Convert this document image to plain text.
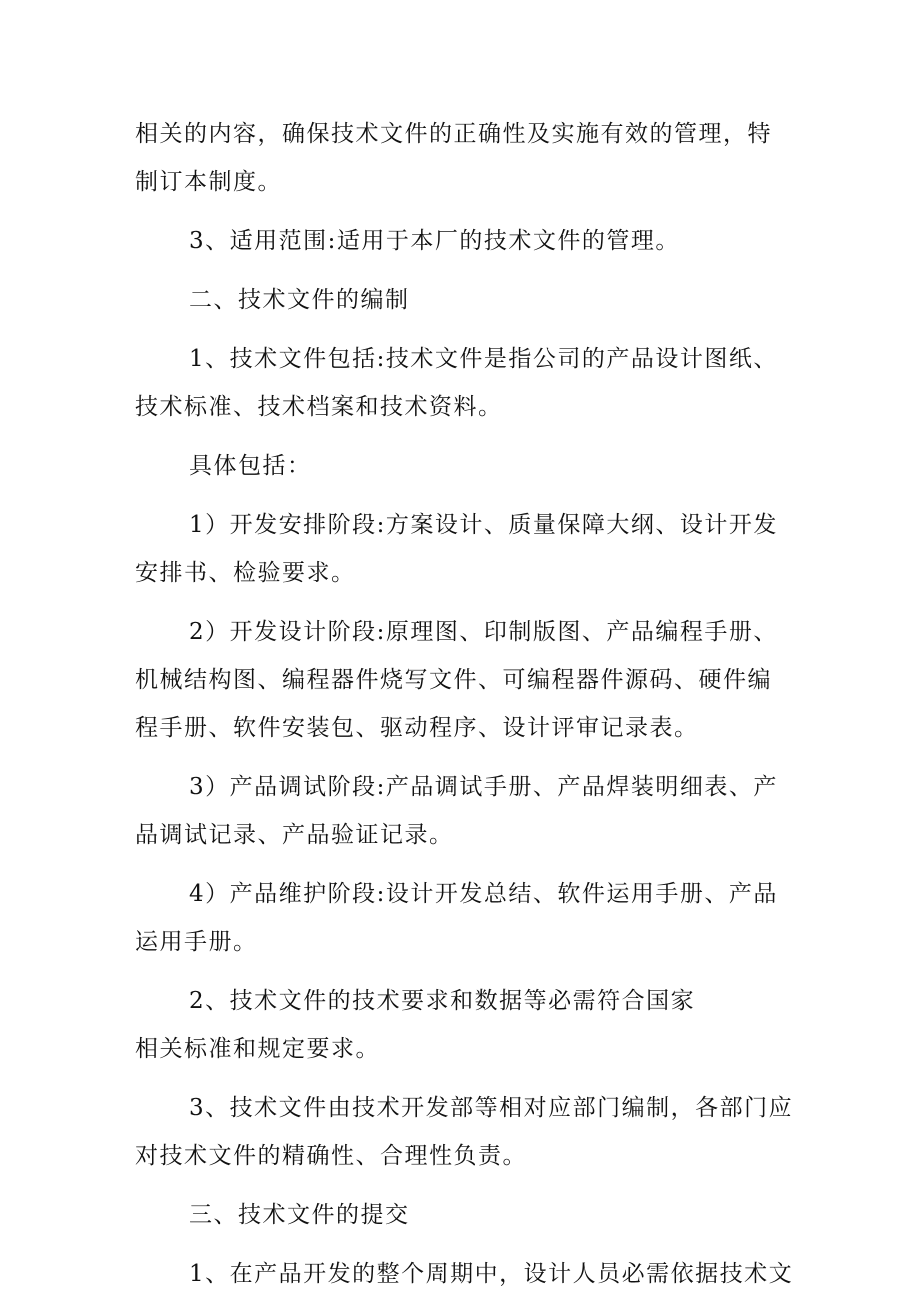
相关的内容，确保技术文件的正确性及实施有效的管理，特
制订本制度。

3、适用范围:适用于本厂的技术文件的管理。

二、技术文件的编制

1、技术文件包括:技术文件是指公司的产品设计图纸、
技术标准、技术档案和技术资料。

具体包括：

1）开发安排阶段:方案设计、质量保障大纲、设计开发
安排书、检验要求。

2）开发设计阶段:原理图、印制版图、产品编程手册、
机械结构图、编程器件烧写文件、可编程器件源码、硬件编
程手册、软件安装包、驱动程序、设计评审记录表。

3）产品调试阶段:产品调试手册、产品焊装明细表、产
品调试记录、产品验证记录。

4）产品维护阶段:设计开发总结、软件运用手册、产品
运用手册。

2、技术文件的技术要求和数据等必需符合国家
相关标准和规定要求。

3、技术文件由技术开发部等相对应部门编制，各部门应
对技术文件的精确性、合理性负责。

三、技术文件的提交

1、在产品开发的整个周期中，设计人员必需依据技术文
